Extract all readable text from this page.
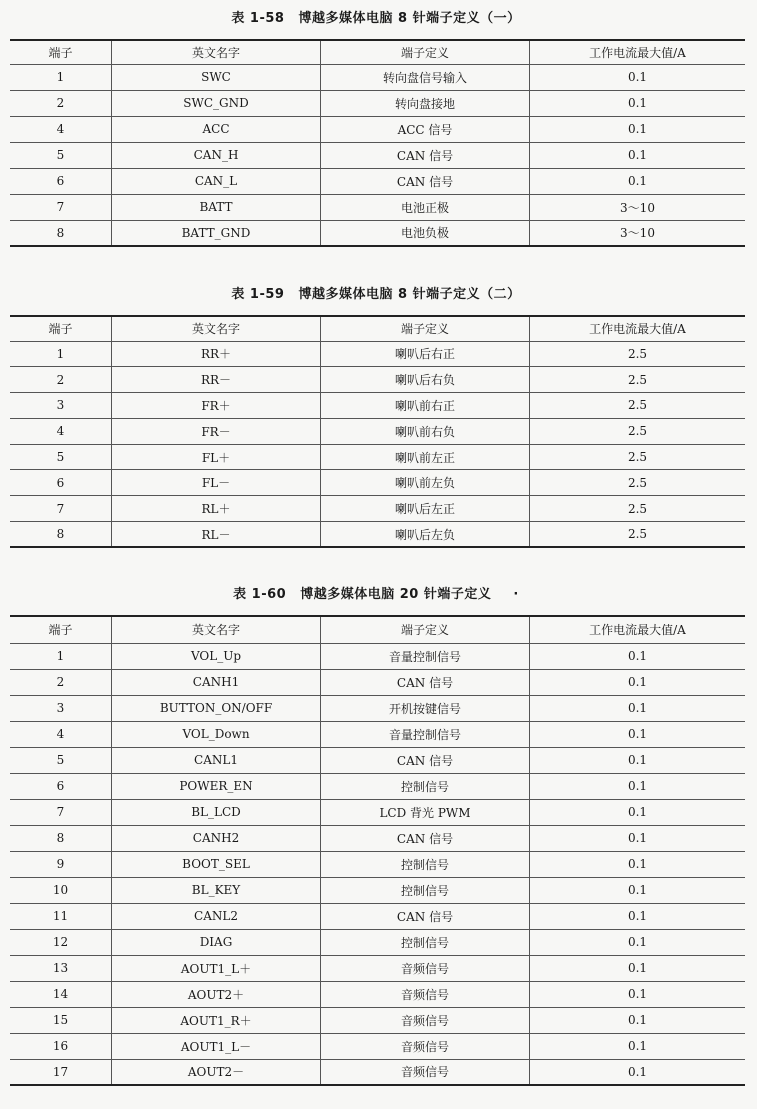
表 1-58 博越多媒体电脑 8 针端子定义（一）
端子	英文名字	端子定义	工作电流最大值/A
1	SWC	转向盘信号输入	0.1
2	SWC_GND	转向盘接地	0.1
4	ACC	ACC 信号	0.1
5	CAN_H	CAN 信号	0.1
6	CAN_L	CAN 信号	0.1
7	BATT	电池正极	3～10
8	BATT_GND	电池负极	3～10
表 1-59 博越多媒体电脑 8 针端子定义（二）
端子	英文名字	端子定义	工作电流最大值/A
1	RR＋	喇叭后右正	2.5
2	RR－	喇叭后右负	2.5
3	FR＋	喇叭前右正	2.5
4	FR－	喇叭前右负	2.5
5	FL＋	喇叭前左正	2.5
6	FL－	喇叭前左负	2.5
7	RL＋	喇叭后左正	2.5
8	RL－	喇叭后左负	2.5
表 1-60 博越多媒体电脑 20 针端子定义 ·
端子	英文名字	端子定义	工作电流最大值/A
1	VOL_Up	音量控制信号	0.1
2	CANH1	CAN 信号	0.1
3	BUTTON_ON/OFF	开机按键信号	0.1
4	VOL_Down	音量控制信号	0.1
5	CANL1	CAN 信号	0.1
6	POWER_EN	控制信号	0.1
7	BL_LCD	LCD 背光 PWM	0.1
8	CANH2	CAN 信号	0.1
9	BOOT_SEL	控制信号	0.1
10	BL_KEY	控制信号	0.1
11	CANL2	CAN 信号	0.1
12	DIAG	控制信号	0.1
13	AOUT1_L＋	音频信号	0.1
14	AOUT2＋	音频信号	0.1
15	AOUT1_R＋	音频信号	0.1
16	AOUT1_L－	音频信号	0.1
17	AOUT2－	音频信号	0.1
